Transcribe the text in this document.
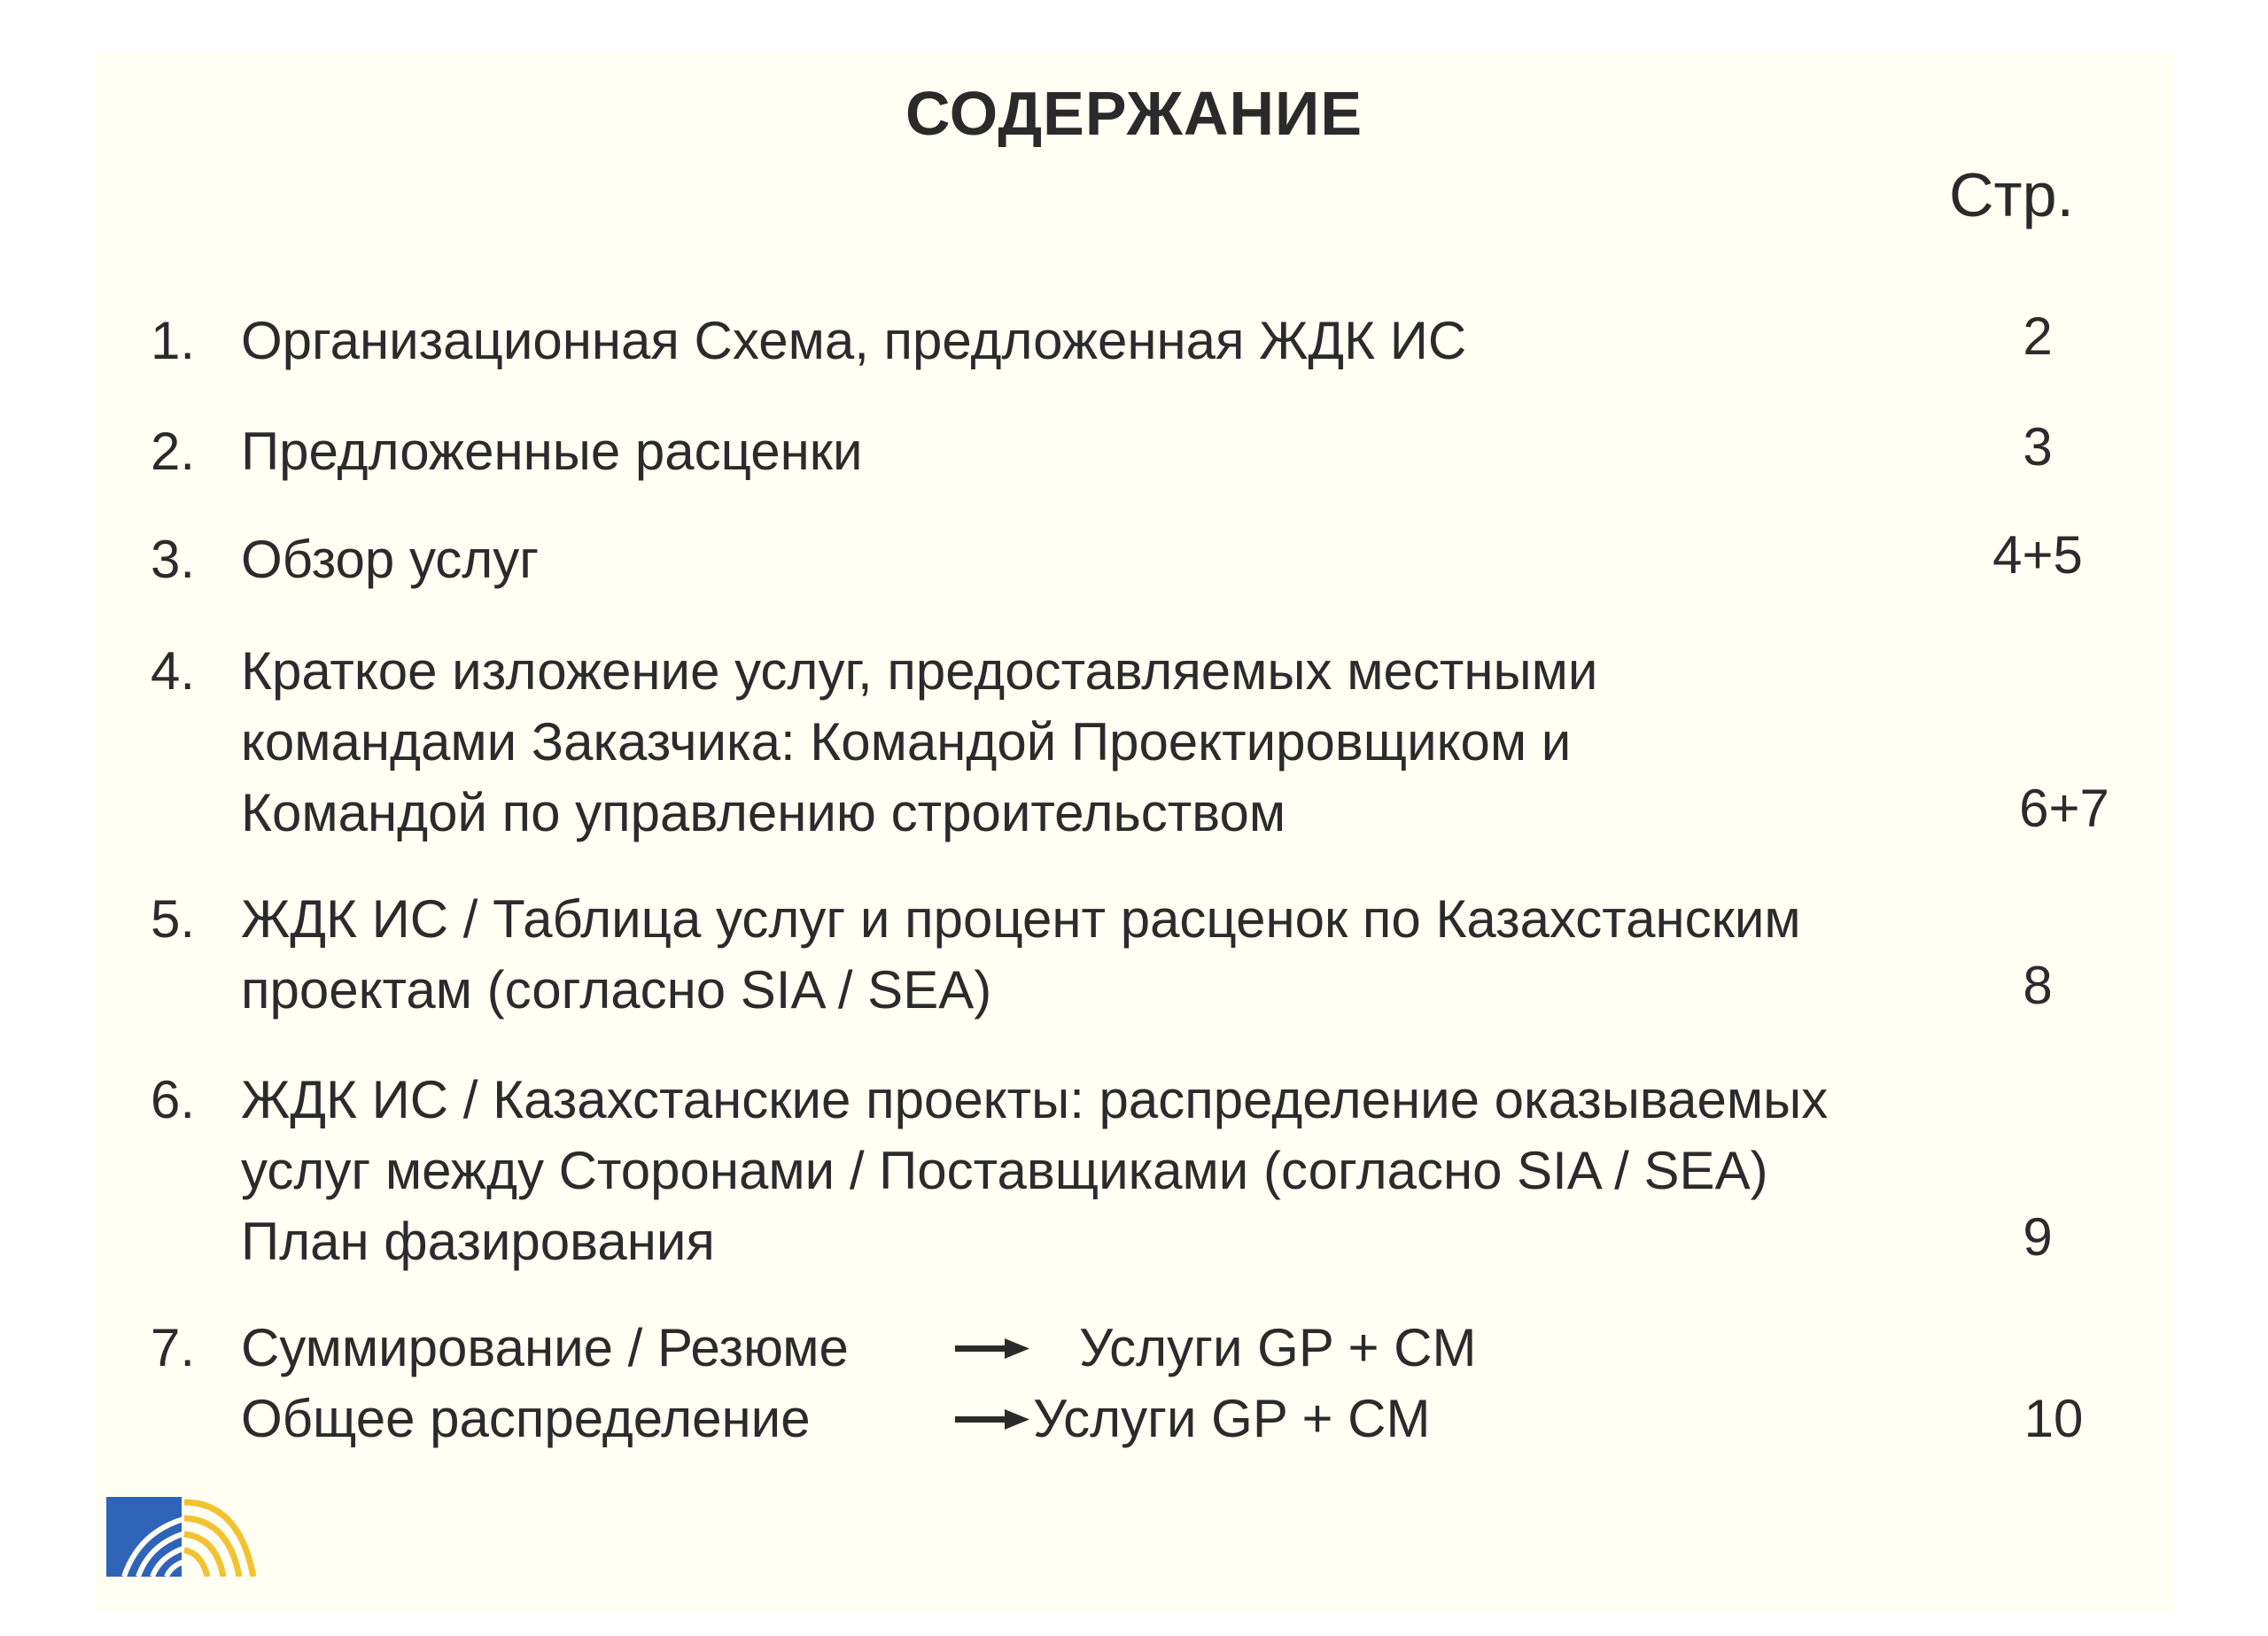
СОДЕРЖАНИЕ
Стр.
1. Организационная Схема, предложенная ЖДК ИС	2
2. Предложенные расценки	3
3. Обзор услуг	4+5
4. Краткое изложение услуг, предоставляемых местными
командами Заказчика: Командой Проектировщиком и
Командой по управлению строительством	6+7
5. ЖДК ИС / Таблица услуг и процент расценок по Казахстанским
проектам (согласно SIA / SEA)	8
6. ЖДК ИС / Казахстанские проекты: распределение оказываемых
услуг между Сторонами / Поставщиками (согласно SIA / SEA)
План фазирования	9
7. Суммирование / Резюме	Услуги GP + CM
Общее распределение	Услуги GP + CM	10
